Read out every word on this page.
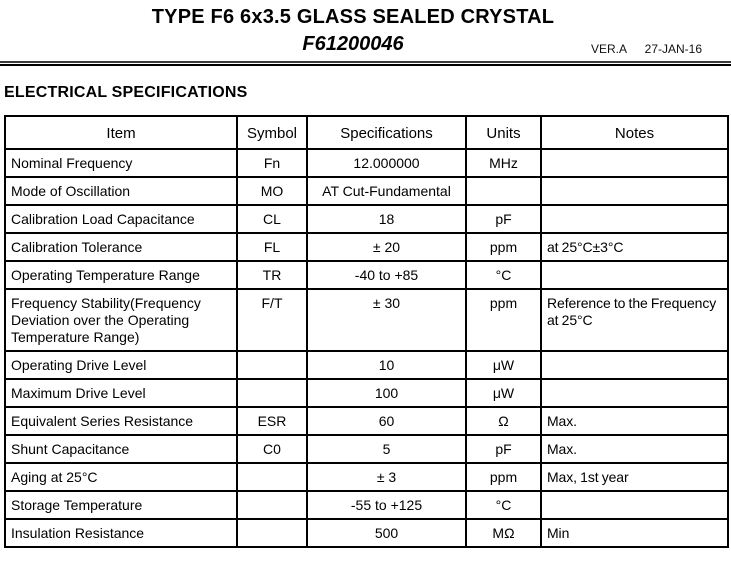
TYPE F6 6x3.5 GLASS SEALED CRYSTAL
F61200046	VER.A 27-JAN-16
ELECTRICAL SPECIFICATIONS
Item	Symbol	Specifications	Units	Notes
Nominal Frequency	Fn	12.000000	MHz	
Mode of Oscillation	MO	AT Cut-Fundamental		
Calibration Load Capacitance	CL	18	pF	
Calibration Tolerance	FL	± 20	ppm	at 25°C±3°C
Operating Temperature Range	TR	-40 to +85	°C	
Frequency Stability(Frequency Deviation over the Operating Temperature Range)	F/T	± 30	ppm	Reference to the Frequency at 25°C
Operating Drive Level		10	μW	
Maximum Drive Level		100	μW	
Equivalent Series Resistance	ESR	60	Ω	Max.
Shunt Capacitance	C0	5	pF	Max.
Aging at 25°C		± 3	ppm	Max, 1st year
Storage Temperature		-55 to +125	°C	
Insulation Resistance		500	MΩ	Min
